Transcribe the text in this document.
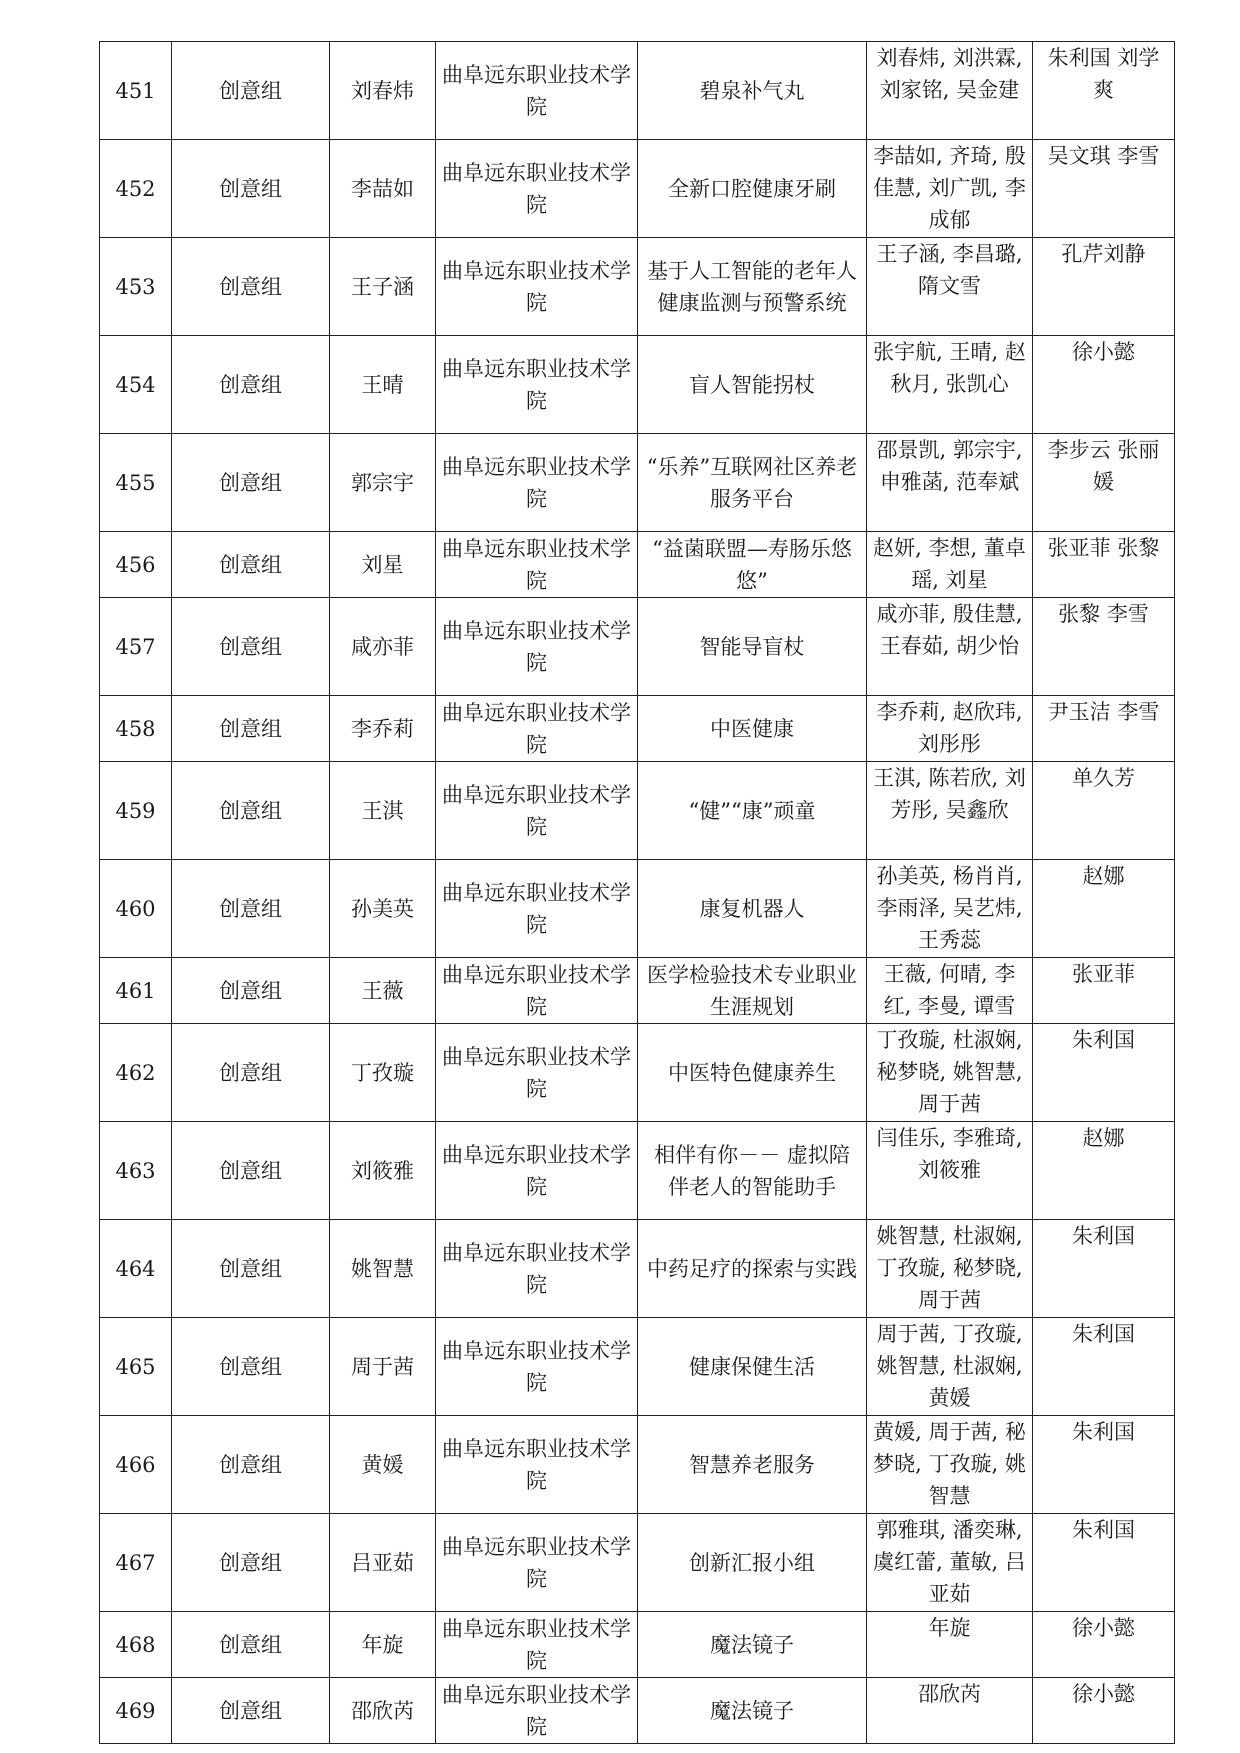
451	创意组	刘春炜	曲阜远东职业技术学院	碧泉补气丸	刘春炜, 刘洪霖, 刘家铭, 吴金建	朱利国 刘学爽
452	创意组	李喆如	曲阜远东职业技术学院	全新口腔健康牙刷	李喆如, 齐琦, 殷佳慧, 刘广凯, 李成郁	吴文琪 李雪
453	创意组	王子涵	曲阜远东职业技术学院	基于人工智能的老年人健康监测与预警系统	王子涵, 李昌璐, 隋文雪	孔芹刘静
454	创意组	王晴	曲阜远东职业技术学院	盲人智能拐杖	张宇航, 王晴, 赵秋月, 张凯心	徐小懿
455	创意组	郭宗宇	曲阜远东职业技术学院	“乐养”互联网社区养老服务平台	邵景凯, 郭宗宇, 申雅菡, 范奉斌	李步云 张丽媛
456	创意组	刘星	曲阜远东职业技术学院	“益菌联盟—寿肠乐悠悠”	赵妍, 李想, 董卓瑶, 刘星	张亚菲 张黎
457	创意组	咸亦菲	曲阜远东职业技术学院	智能导盲杖	咸亦菲, 殷佳慧, 王春茹, 胡少怡	张黎 李雪
458	创意组	李乔莉	曲阜远东职业技术学院	中医健康	李乔莉, 赵欣玮, 刘彤彤	尹玉洁 李雪
459	创意组	王淇	曲阜远东职业技术学院	“健”“康”顽童	王淇, 陈若欣, 刘芳彤, 吴鑫欣	单久芳
460	创意组	孙美英	曲阜远东职业技术学院	康复机器人	孙美英, 杨肖肖, 李雨泽, 吴艺炜, 王秀蕊	赵娜
461	创意组	王薇	曲阜远东职业技术学院	医学检验技术专业职业生涯规划	王薇, 何晴, 李红, 李曼, 谭雪	张亚菲
462	创意组	丁孜璇	曲阜远东职业技术学院	中医特色健康养生	丁孜璇, 杜淑娴, 秘梦晓, 姚智慧, 周于茜	朱利国
463	创意组	刘筱雅	曲阜远东职业技术学院	相伴有你－－ 虚拟陪伴老人的智能助手	闫佳乐, 李雅琦, 刘筱雅	赵娜
464	创意组	姚智慧	曲阜远东职业技术学院	中药足疗的探索与实践	姚智慧, 杜淑娴, 丁孜璇, 秘梦晓, 周于茜	朱利国
465	创意组	周于茜	曲阜远东职业技术学院	健康保健生活	周于茜, 丁孜璇, 姚智慧, 杜淑娴, 黄媛	朱利国
466	创意组	黄媛	曲阜远东职业技术学院	智慧养老服务	黄媛, 周于茜, 秘梦晓, 丁孜璇, 姚智慧	朱利国
467	创意组	吕亚茹	曲阜远东职业技术学院	创新汇报小组	郭雅琪, 潘奕琳, 虞红蕾, 董敏, 吕亚茹	朱利国
468	创意组	年旋	曲阜远东职业技术学院	魔法镜子	年旋	徐小懿
469	创意组	邵欣芮	曲阜远东职业技术学院	魔法镜子	邵欣芮	徐小懿
